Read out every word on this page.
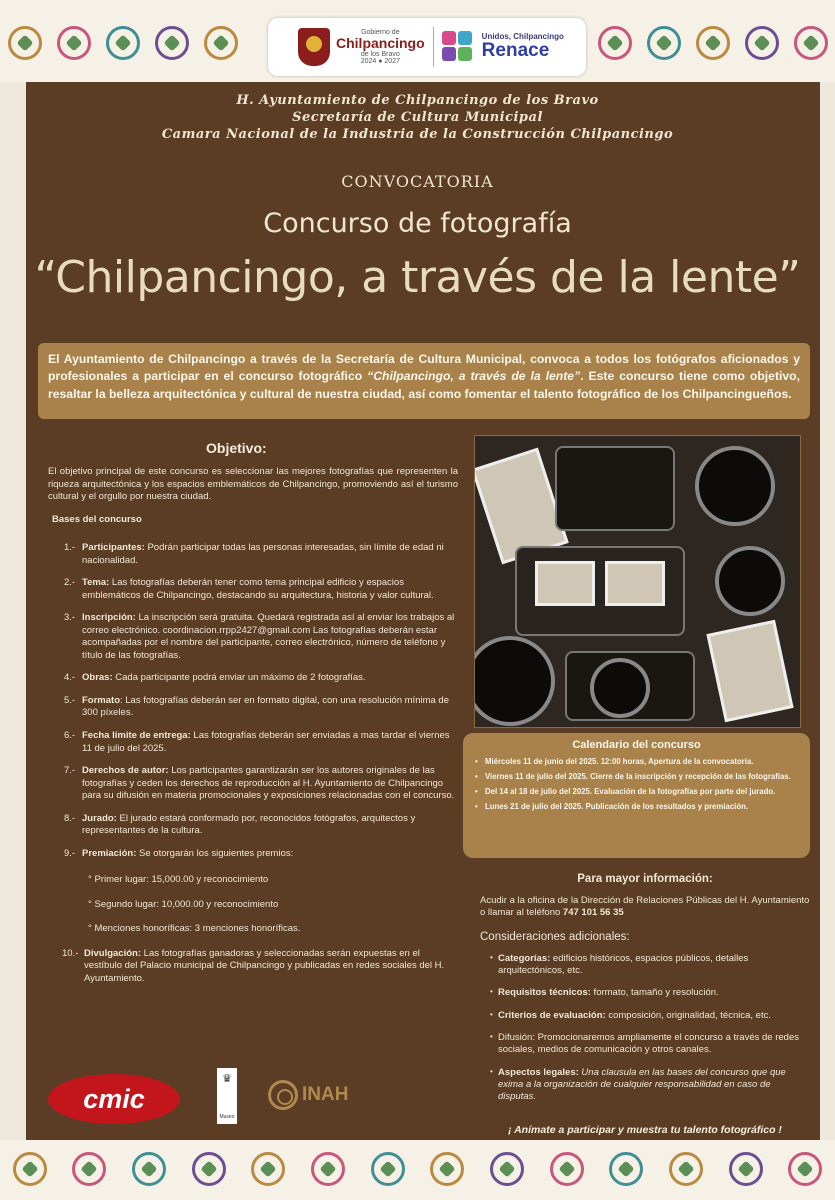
Gobierno de
Chilpancingo
de los Bravo
2024 ● 2027
Unidos, Chilpancingo
Renace
H. Ayuntamiento de Chilpancingo de los Bravo
Secretaría de Cultura Municipal
Camara Nacional de la Industria de la Construcción Chilpancingo
CONVOCATORIA
Concurso de fotografía
“Chilpancingo, a través de la lente”
El Ayuntamiento de Chilpancingo a través de la Secretaría de Cultura Municipal, convoca a todos los fotógrafos aficionados y profesionales a participar en el concurso fotográfico “Chilpancingo, a través de la lente”. Este concurso tiene como objetivo, resaltar la belleza arquitectónica y cultural de nuestra ciudad, así como fomentar el talento fotográfico de los Chilpancingueños.
Objetivo:

El objetivo principal de este concurso es seleccionar las mejores fotografías que representen la riqueza arquitectónica y los espacios emblemáticos de Chilpancingo, promoviendo así el turismo cultural y el orgullo por nuestra ciudad.

Bases del concurso
1.- Participantes: Podrán participar todas las personas interesadas, sin límite de edad ni nacionalidad.
2.- Tema: Las fotografías deberán tener como tema principal edificio y espacios emblemáticos de Chilpancingo, destacando su arquitectura, historia y valor cultural.
3.- Inscripción: La inscripción será gratuita. Quedará registrada así al enviar los trabajos al correo electrónico. coordinacion.rrpp2427@gmail.com Las fotografías deberán estar acompañadas por el nombre del participante, correo electrónico, número de teléfono y título de las fotografías.
4.- Obras: Cada participante podrá enviar un máximo de 2 fotografías.
5.- Formato: Las fotografías deberán ser en formato digital, con una resolución mínima de 300 píxeles.
6.- Fecha límite de entrega: Las fotografías deberán ser enviadas a mas tardar el viernes 11 de julio del 2025.
7.- Derechos de autor: Los participantes garantizarán ser los autores originales de las fotografías y ceden los derechos de reproducción al H. Ayuntamiento de Chilpancingo para su difusión en materia promocionales y exposiciones relacionadas con el concurso.
8.- Jurado: El jurado estará conformado por, reconocidos fotógrafos, arquitectos y representantes de la cultura.
9.- Premiación: Se otorgarán los siguientes premios:
° Primer lugar: 15,000.00 y reconocimiento
° Segundo lugar: 10,000.00 y reconocimiento
° Menciones honoríficas: 3 menciones honoríficas.
10.- Divulgación: Las fotografías ganadoras y seleccionadas serán expuestas en el vestíbulo del Palacio municipal de Chilpancingo y publicadas en redes sociales del H. Ayuntamiento.
Calendario del concurso
• Miércoles 11 de junio del 2025. 12:00 horas, Apertura de la convocatoria.
• Viernes 11 de julio del 2025. Cierre de la inscripción y recepción de las fotografías.
• Del 14 al 18 de julio del 2025. Evaluación de la fotografías por parte del jurado.
• Lunes 21 de julio del 2025. Publicación de los resultados y premiación.
Para mayor información:
Acudir a la oficina de la Dirección de Relaciones Públicas del H. Ayuntamiento o llamar al teléfono 747 101 56 35
Consideraciones adicionales:
• Categorías: edificios históricos, espacios públicos, detalles arquitectónicos, etc.
• Requisitos técnicos: formato, tamaño y resolución.
• Criterios de evaluación: composición, originalidad, técnica, etc.
• Difusión: Promocionaremos ampliamente el concurso a través de redes sociales, medios de comunicación y otros canales.
• Aspectos legales: Una clausula en las bases del concurso que que exima a la organización de cualquier responsabilidad en caso de disputas.
¡ Anímate a participar y muestra tu talento fotográfico !
cmic
♛
Museo
INAH
